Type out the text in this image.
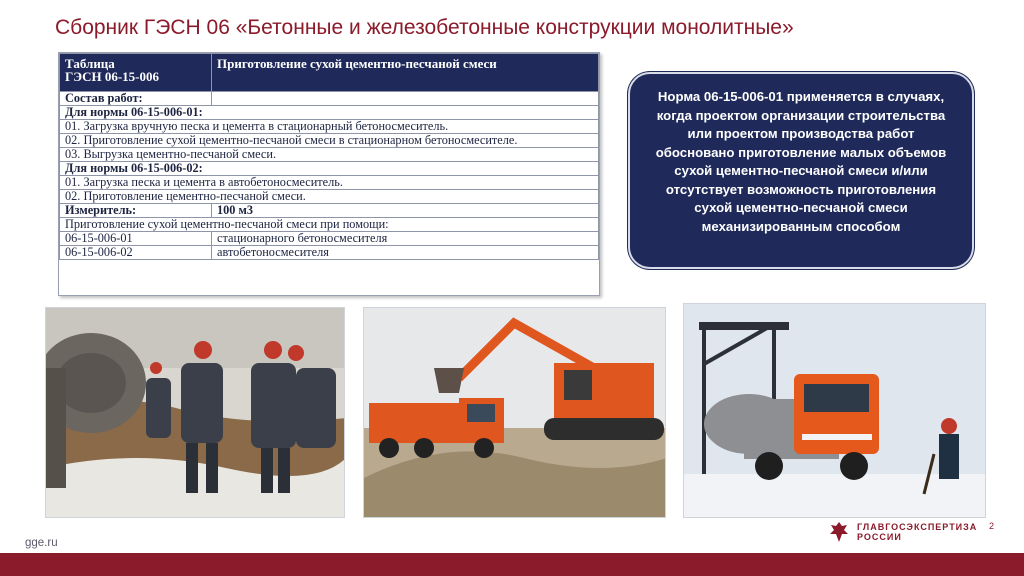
Сборник ГЭСН 06 «Бетонные и железобетонные конструкции монолитные»
Таблица
ГЭСН 06-15-006	Приготовление сухой цементно-песчаной смеси
Состав работ:	
Для нормы 06-15-006-01:	
01. Загрузка вручную песка и цемента в стационарный бетоносмеситель.	
02. Приготовление сухой цементно-песчаной смеси в стационарном бетоносмесителе.	
03. Выгрузка цементно-песчаной смеси.	
Для нормы 06-15-006-02:	
01. Загрузка песка и цемента в автобетоносмеситель.	
02. Приготовление цементно-песчаной смеси.	
Измеритель:	100 м3
Приготовление сухой цементно-песчаной смеси при помощи:	
06-15-006-01	стационарного бетоносмесителя
06-15-006-02	автобетоносмесителя
Норма 06-15-006-01 применяется в случаях, когда проектом организации строительства или проектом производства работ обосновано приготовление малых объемов сухой цементно-песчаной смеси и/или отсутствует возможность приготовления сухой цементно-песчаной смеси механизированным способом
gge.ru
ГЛАВГОСЭКСПЕРТИЗА
РОССИИ
2
